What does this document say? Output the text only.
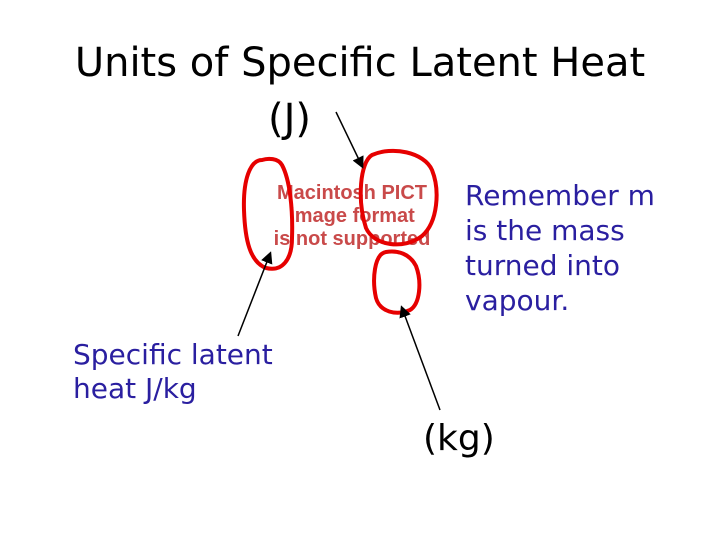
Units of Specific Latent Heat
(J)
Macintosh PICT
image format
is not supported
Specific latent
heat J/kg
Remember m
is the mass
turned into
vapour.
(kg)
